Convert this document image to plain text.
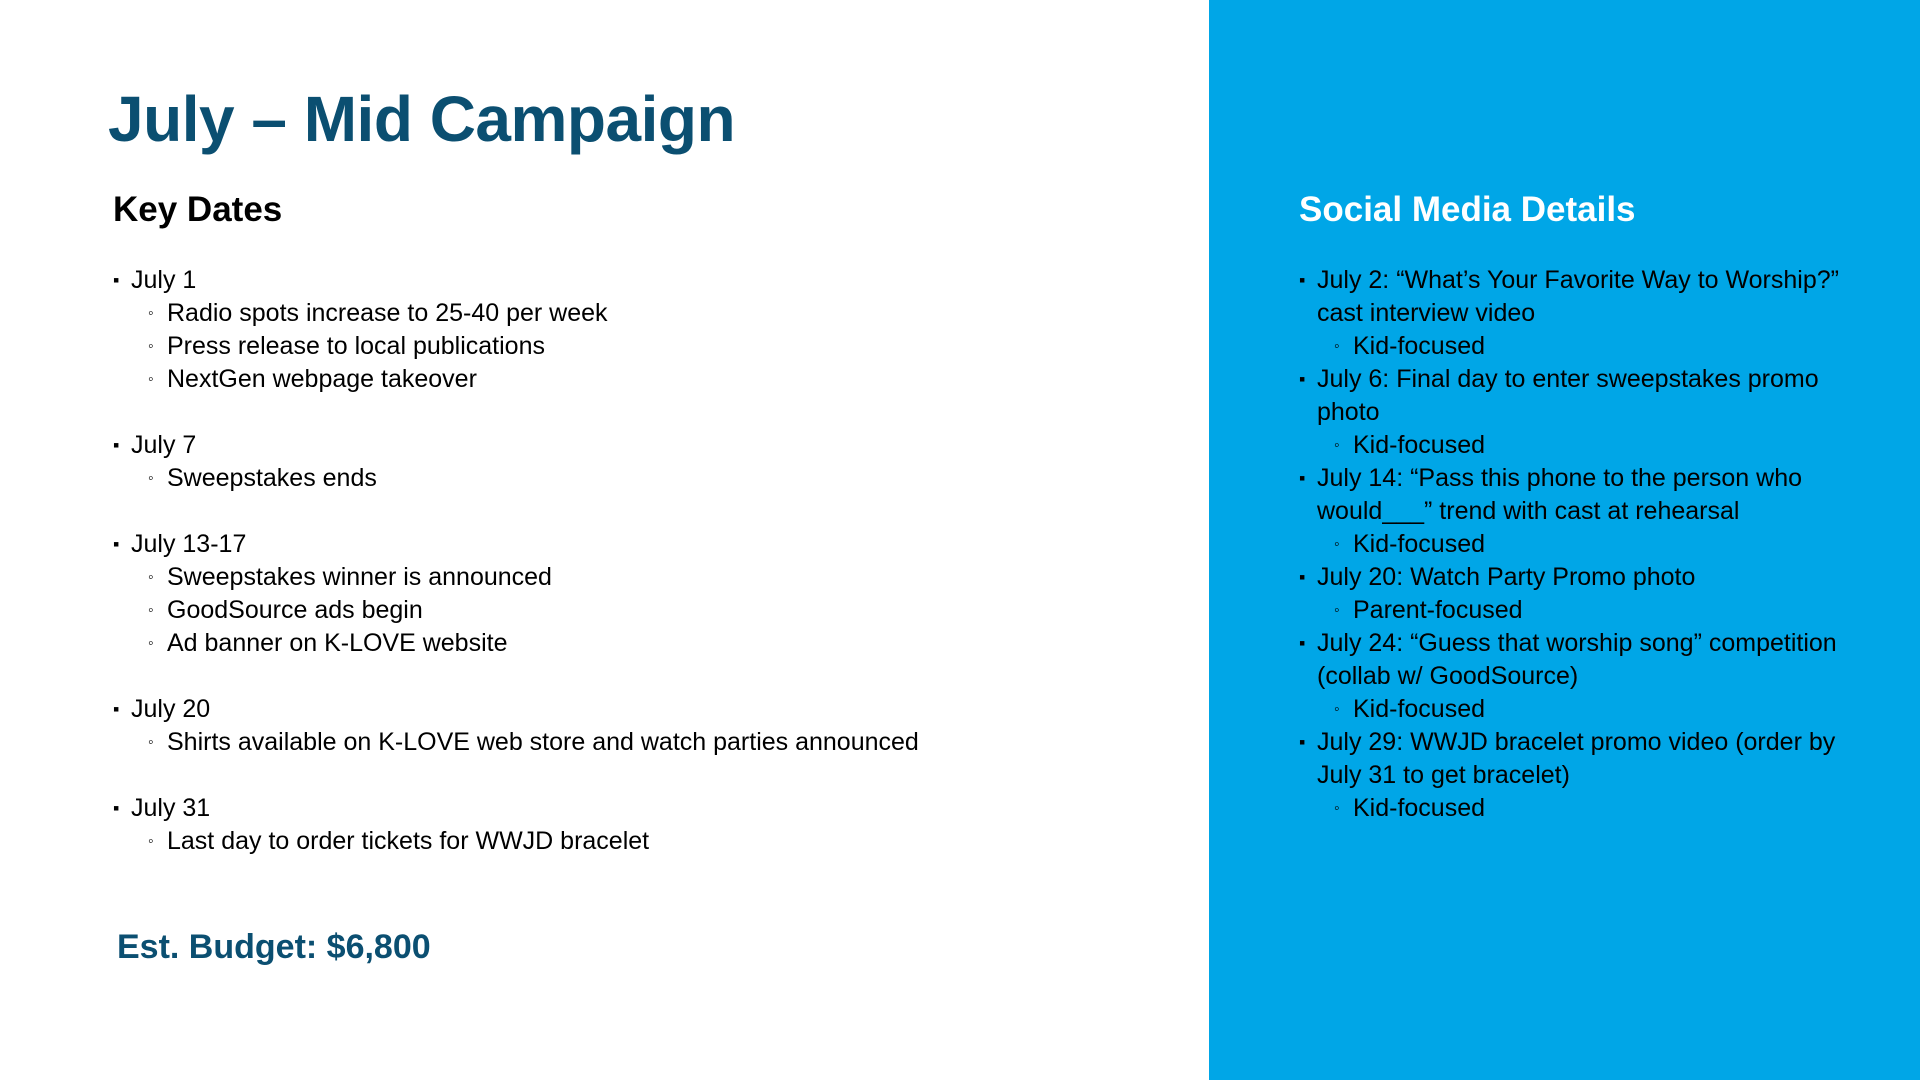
July – Mid Campaign
Key Dates
▪ July 1
◦ Radio spots increase to 25-40 per week
◦ Press release to local publications
◦ NextGen webpage takeover
▪ July 7
◦ Sweepstakes ends
▪ July 13-17
◦ Sweepstakes winner is announced
◦ GoodSource ads begin
◦ Ad banner on K-LOVE website
▪ July 20
◦ Shirts available on K-LOVE web store and watch parties announced
▪ July 31
◦ Last day to order tickets for WWJD bracelet

Est. Budget: $6,800

Social Media Details
▪ July 2: “What’s Your Favorite Way to Worship?” cast interview video
◦ Kid-focused
▪ July 6: Final day to enter sweepstakes promo photo
◦ Kid-focused
▪ July 14: “Pass this phone to the person who would___” trend with cast at rehearsal
◦ Kid-focused
▪ July 20: Watch Party Promo photo
◦ Parent-focused
▪ July 24: “Guess that worship song” competition (collab w/ GoodSource)
◦ Kid-focused
▪ July 29: WWJD bracelet promo video (order by July 31 to get bracelet)
◦ Kid-focused
